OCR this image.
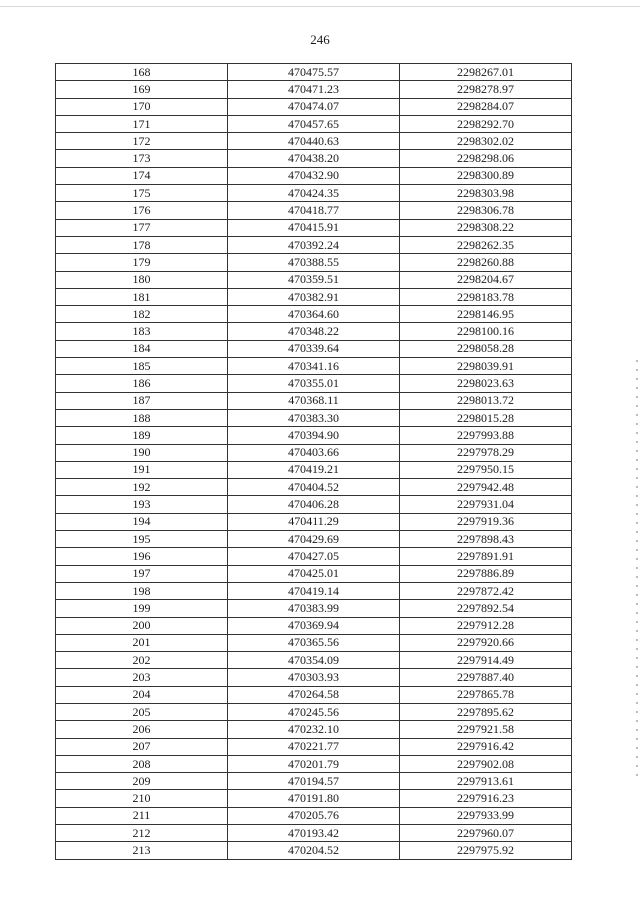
246
168	470475.57	2298267.01
169	470471.23	2298278.97
170	470474.07	2298284.07
171	470457.65	2298292.70
172	470440.63	2298302.02
173	470438.20	2298298.06
174	470432.90	2298300.89
175	470424.35	2298303.98
176	470418.77	2298306.78
177	470415.91	2298308.22
178	470392.24	2298262.35
179	470388.55	2298260.88
180	470359.51	2298204.67
181	470382.91	2298183.78
182	470364.60	2298146.95
183	470348.22	2298100.16
184	470339.64	2298058.28
185	470341.16	2298039.91
186	470355.01	2298023.63
187	470368.11	2298013.72
188	470383.30	2298015.28
189	470394.90	2297993.88
190	470403.66	2297978.29
191	470419.21	2297950.15
192	470404.52	2297942.48
193	470406.28	2297931.04
194	470411.29	2297919.36
195	470429.69	2297898.43
196	470427.05	2297891.91
197	470425.01	2297886.89
198	470419.14	2297872.42
199	470383.99	2297892.54
200	470369.94	2297912.28
201	470365.56	2297920.66
202	470354.09	2297914.49
203	470303.93	2297887.40
204	470264.58	2297865.78
205	470245.56	2297895.62
206	470232.10	2297921.58
207	470221.77	2297916.42
208	470201.79	2297902.08
209	470194.57	2297913.61
210	470191.80	2297916.23
211	470205.76	2297933.99
212	470193.42	2297960.07
213	470204.52	2297975.92
